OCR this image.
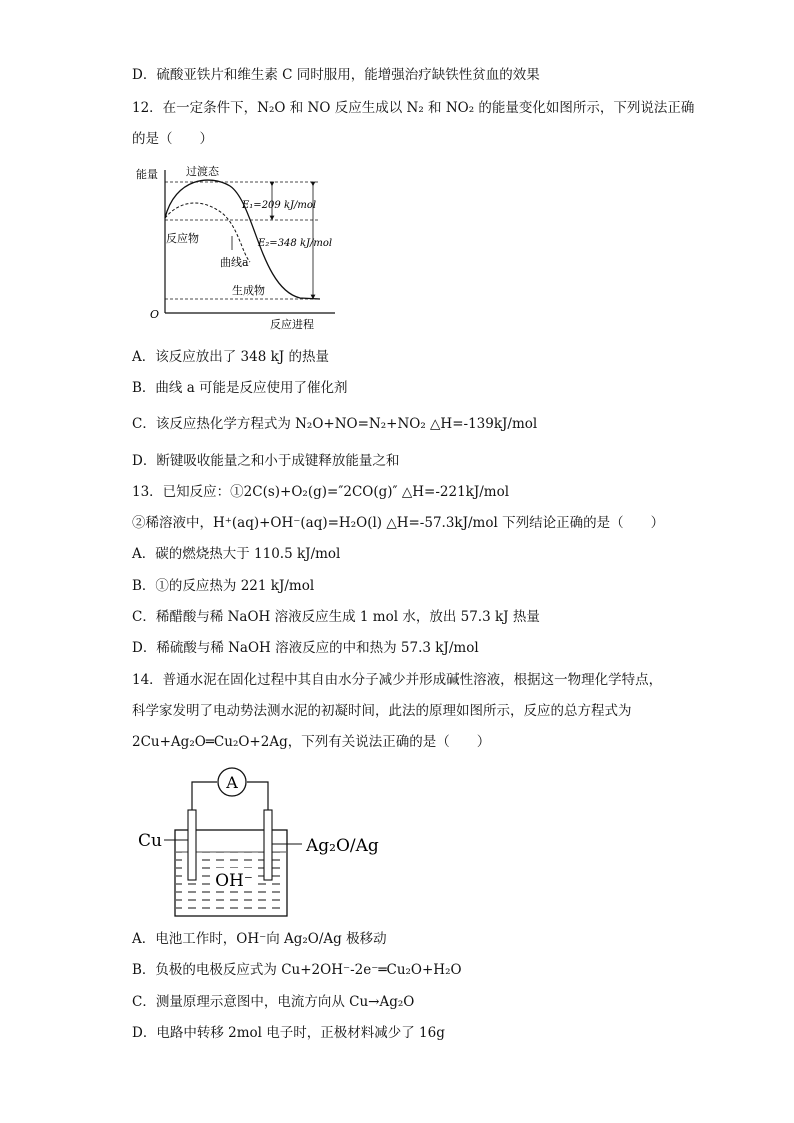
D．硫酸亚铁片和维生素 C 同时服用，能增强治疗缺铁性贫血的效果
12．在一定条件下，N₂O 和 NO 反应生成以 N₂ 和 NO₂ 的能量变化如图所示，下列说法正确
的是（　　）
能量
O
反应进程
过渡态
E₁=209 kJ/mol
E₂=348 kJ/mol
反应物
曲线a
生成物
A．该反应放出了 348 kJ 的热量
B．曲线 a 可能是反应使用了催化剂
C．该反应热化学方程式为 N₂O+NO=N₂+NO₂ △H=-139kJ/mol
D．断键吸收能量之和小于成键释放能量之和
13．已知反应：①2C(s)+O₂(g)=″2CO(g)″ △H=-221kJ/mol
②稀溶液中，H⁺(aq)+OH⁻(aq)=H₂O(l) △H=-57.3kJ/mol 下列结论正确的是（　　）
A．碳的燃烧热大于 110.5 kJ/mol
B．①的反应热为 221 kJ/mol
C．稀醋酸与稀 NaOH 溶液反应生成 1 mol 水，放出 57.3 kJ 热量
D．稀硫酸与稀 NaOH 溶液反应的中和热为 57.3 kJ/mol
14．普通水泥在固化过程中其自由水分子减少并形成碱性溶液，根据这一物理化学特点，
科学家发明了电动势法测水泥的初凝时间，此法的原理如图所示，反应的总方程式为
2Cu+Ag₂O═Cu₂O+2Ag，下列有关说法正确的是（　　）
A
Cu	Ag₂O/Ag
OH⁻
A．电池工作时，OH⁻向 Ag₂O/Ag 极移动
B．负极的电极反应式为 Cu+2OH⁻-2e⁻═Cu₂O+H₂O
C．测量原理示意图中，电流方向从 Cu→Ag₂O
D．电路中转移 2mol 电子时，正极材料减少了 16g
